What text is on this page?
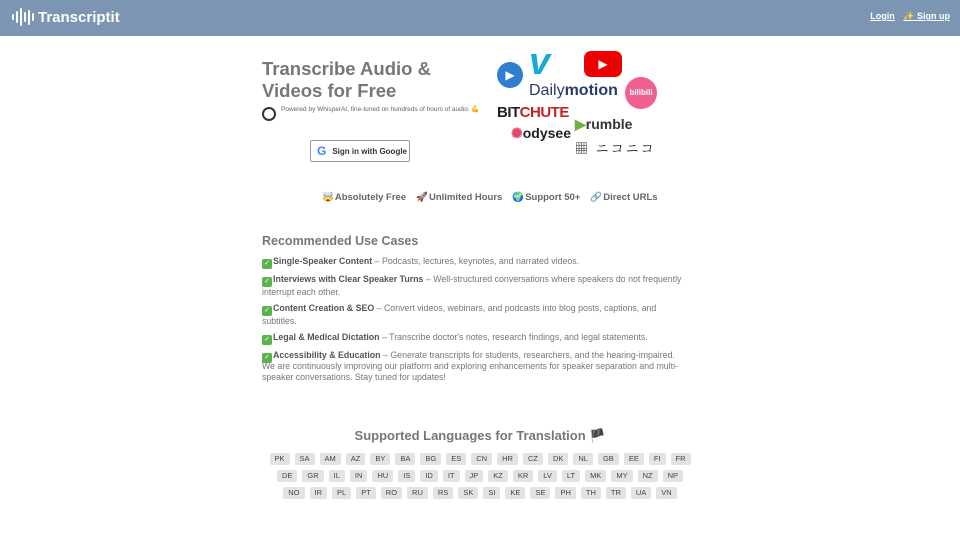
Transcriptit	Login ✨ Sign up
Transcribe Audio & Videos for Free
Powered by WhisperAI, fine-tuned on hundreds of hours of audio. 💪
G Sign in with Google
▶ v	▶
Dailymotion	bilibili
BITCHUTE
▶rumble
✺odysee
▦ ニコニコ
🤯Absolutely Free 🚀Unlimited Hours 🌍Support 50+ 🔗Direct URLs
Recommended Use Cases
✓ Single-Speaker Content – Podcasts, lectures, keynotes, and narrated videos.
✓ Interviews with Clear Speaker Turns – Well-structured conversations where speakers do not frequently interrupt each other.
✓ Content Creation & SEO – Convert videos, webinars, and podcasts into blog posts, captions, and subtitles.
✓ Legal & Medical Dictation – Transcribe doctor's notes, research findings, and legal statements.
✓ Accessibility & Education – Generate transcripts for students, researchers, and the hearing-impaired.
We are continuously improving our platform and exploring enhancements for speaker separation and multi-speaker conversations. Stay tuned for updates!
Supported Languages for Translation 🏴
PK	SA	AM	AZ	BY	BA	BG	ES	CN	HR	CZ	DK	NL	GB	EE	FI	FR
DE	GR	IL	IN	HU	IS	ID	IT	JP	KZ	KR	LV	LT	MK	MY	NZ	NP
NO	IR	PL	PT	RO	RU	RS	SK	SI	KE	SE	PH	TH	TR	UA	VN
